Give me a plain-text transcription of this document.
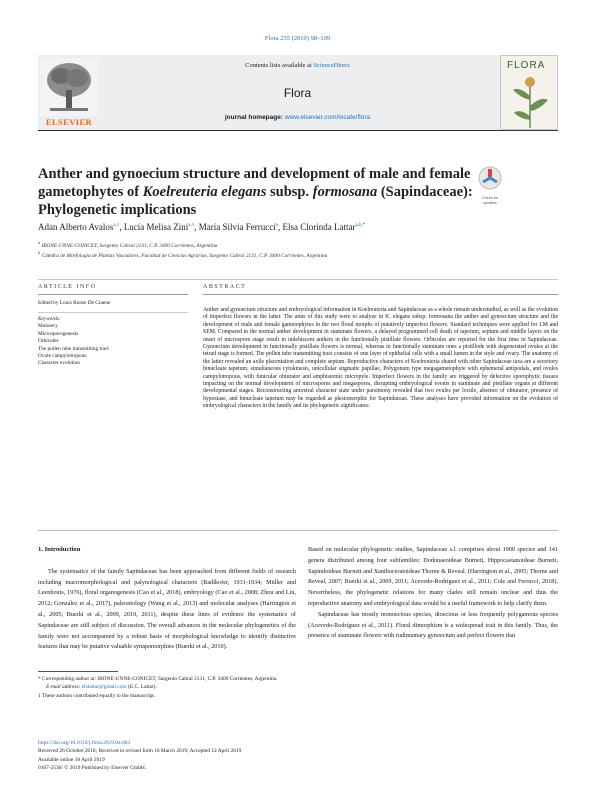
Flora 255 (2019) 98–109
ELSEVIER
Contents lists available at ScienceDirect
Flora
journal homepage: www.elsevier.com/locate/flora
FLORA
Anther and gynoecium structure and development of male and female gametophytes of Koelreuteria elegans subsp. formosana (Sapindaceae): Phylogenetic implications
Check for
updates
Adan Alberto Avalos$^{a,1}$, Lucía Melisa Zini$^{a,1}$, María Silvia Ferrucci$^a$, Elsa Clorinda Lattar$^{a,b,*}$
$^a$ IBONE-UNNE-CONICET, Sargento Cabral 2131, C.P. 3400 Corrientes, Argentina
$^b$ Cátedra de Morfología de Plantas Vasculares, Facultad de Ciencias Agrarias, Sargento Cabral 2131, C.P. 3400 Corrientes, Argentina
ARTICLE INFO
Edited by Louis Ronse De Craene
Keywords:
Monoecy
Microsporogenesis
Orbicules
The pollen tube transmitting tract
Ovule campylotropous
Character evolution
ABSTRACT
Anther and gynoecium structure and embryological information in Koelreuteria and Sapindaceae as a whole remain understudied, as well as the evolution of imperfect flowers in the latter. The aims of this study were to analyze in K. elegans subsp. formosana the anther and gynoecium structure and the development of male and female gametophytes in the two floral morphs of putatively imperfect flowers. Standard techniques were applied for LM and SEM. Compared to the normal anther development in staminate flowers, a delayed programmed cell death of tapetum, septum and middle layers on the onset of microspore stage result in indehiscent anthers in the functionally pistillate flowers. Orbicules are reported for the first time in Sapindaceae. Gynoecium development in functionally pistillate flowers is normal, whereas in functionally staminate ones a pistillode with degenerated ovules at the tetrad stage is formed. The pollen tube transmitting tract consists of one layer of epithelial cells with a small lumen in the style and ovary. The anatomy of the latter revealed an axile placentation and complete septum. Reproductive characters of Koelreuteria shared with other Sapindaceae taxa are a secretory binucleate tapetum, simultaneous cytokinesis, unicellular stigmatic papillae, Polygonum type megagametophyte with ephemeral antipodals, and ovules campylotropous, with funicular obturator and amphistomic micropyle. Imperfect flowers in the family are triggered by defective sporophytic tissues impacting on the normal development of microspores and megaspores, disrupting embryological events in staminate and pistillate organs at different developmental stages. Reconstructing ancestral character state under parsimony revealed that two ovules per locule, absence of obturator, presence of hypostase, and binucleate tapetum may be regarded as plesiomorphic for Sapindaceae. These analyses have provided information on the evolution of embryological characters in the family and its phylogenetic significance.
1. Introduction
The systematics of the family Sapindaceae has been approached from different fields of research including macromorphological and palynological characters (Radlkofer, 1931-1934; Müller and Leenhouts, 1976), floral organogenesis (Cao et al., 2018), embryology (Cao et al., 2008; Zhou and Liu, 2012; González et al., 2017), paleontology (Wang et al., 2013) and molecular analyses (Harrington et al., 2005; Buerki et al., 2009, 2010, 2011), despite these lines of evidence the systematics of Sapindaceae are still subject of discussion. The overall advances in the molecular phylogenetics of the family were not accompanied by a robust basis of morphological knowledge to identify distinctive features that may be putative valuable synapomorphies (Buerki et al., 2010).
Based on molecular phylogenetic studies, Sapindaceae s.l. comprises about 1900 species and 141 genera distributed among four subfamilies: Dodonaeoideae Burnett, Hippocastanoideae Burnett, Sapindoideae Burnett and Xanthoceratoideae Thorne & Reveal. (Harrington et al., 2005; Thorne and Reveal, 2007; Buerki et al., 2009, 2011; Acevedo-Rodríguez et al., 2011; Cole and Ferrucci, 2018). Nevertheless, the phylogenetic relations for many clades still remain unclear and thus the reproductive anatomy and embryological data would be a useful framework to help clarify them.
Sapindaceae has mostly monoecious species, dioecious or less frequently polygamous species (Acevedo-Rodríguez et al., 2011). Floral dimorphism is a widespread trait in this family. Thus, the presence of staminate flowers with rudimentary gynoecium and perfect flowers that
* Corresponding author at: IBONE-UNNE-CONICET, Sargento Cabral 2131, C.P. 3400 Corrientes, Argentina.
E-mail address: elslattar@gmail.com (E.C. Lattar).
1 These authors contributed equally to the manuscript.
https://doi.org/10.1016/j.flora.2019.04.003
Received 26 October 2018; Received in revised form 16 March 2019; Accepted 12 April 2019
Available online 18 April 2019
0367-2530/ © 2019 Published by Elsevier GmbH.
